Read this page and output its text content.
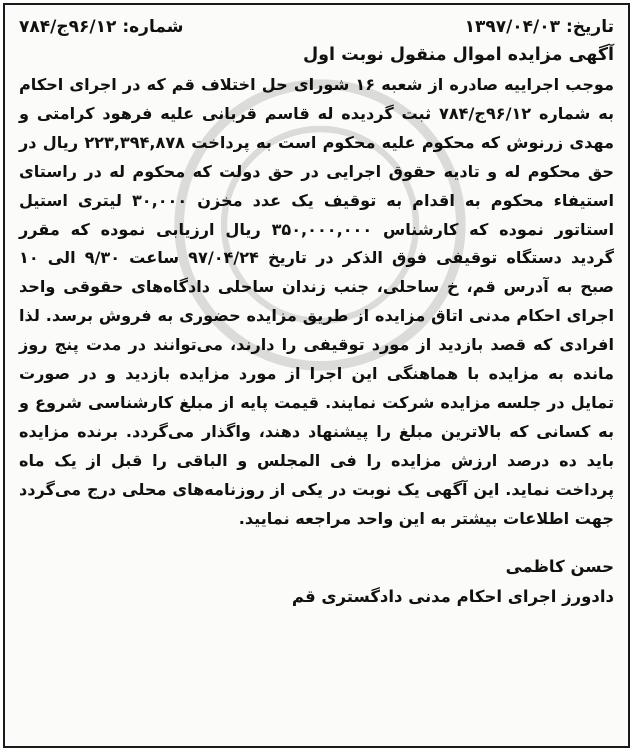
تاریخ:
۱۳۹۷/۰۴/۰۳
شماره:
۹۶/۱۲ج/۷۸۴
آگهی مزایده اموال منقول نوبت اول

موجب اجراییه صادره از شعبه ۱۶ شورای حل اختلاف قم که در اجرای احکام به شماره ۹۶/۱۲ج/۷۸۴ ثبت گردیده له قاسم قربانی علیه فرهود کرامتی و مهدی زرنوش که محکوم علیه محکوم است به پرداخت ۲۲۳,۳۹۴,۸۷۸ ریال در حق محکوم له و تادیه حقوق اجرایی در حق دولت که محکوم له در راستای استیفاء محکوم به اقدام به توقیف یک عدد مخزن ۳۰,۰۰۰ لیتری استیل استاتور نموده که کارشناس ۳۵۰,۰۰۰,۰۰۰ ریال ارزیابی نموده که مقرر گردید دستگاه توقیفی فوق الذکر در تاریخ ۹۷/۰۴/۲۴ ساعت ۹/۳۰ الی ۱۰ صبح به آدرس قم، خ ساحلی، جنب زندان ساحلی دادگاه‌های حقوقی واحد اجرای احکام مدنی اتاق مزایده از طریق مزایده حضوری به فروش برسد. لذا افرادی که قصد بازدید از مورد توقیفی را دارند، می‌توانند در مدت پنج روز مانده به مزایده با هماهنگی این اجرا از مورد مزایده بازدید و در صورت تمایل در جلسه مزایده شرکت نمایند. قیمت پایه از مبلغ کارشناسی شروع و به کسانی که بالاترین مبلغ را پیشنهاد دهند، واگذار می‌گردد. برنده مزایده باید ده درصد ارزش مزایده را فی المجلس و الباقی را قبل از یک ماه پرداخت نماید. این آگهی یک نوبت در یکی از روزنامه‌های محلی درج می‌گردد جهت اطلاعات بیشتر به این واحد مراجعه نمایید.

حسن کاظمی
دادورز اجرای احکام مدنی دادگستری قم
